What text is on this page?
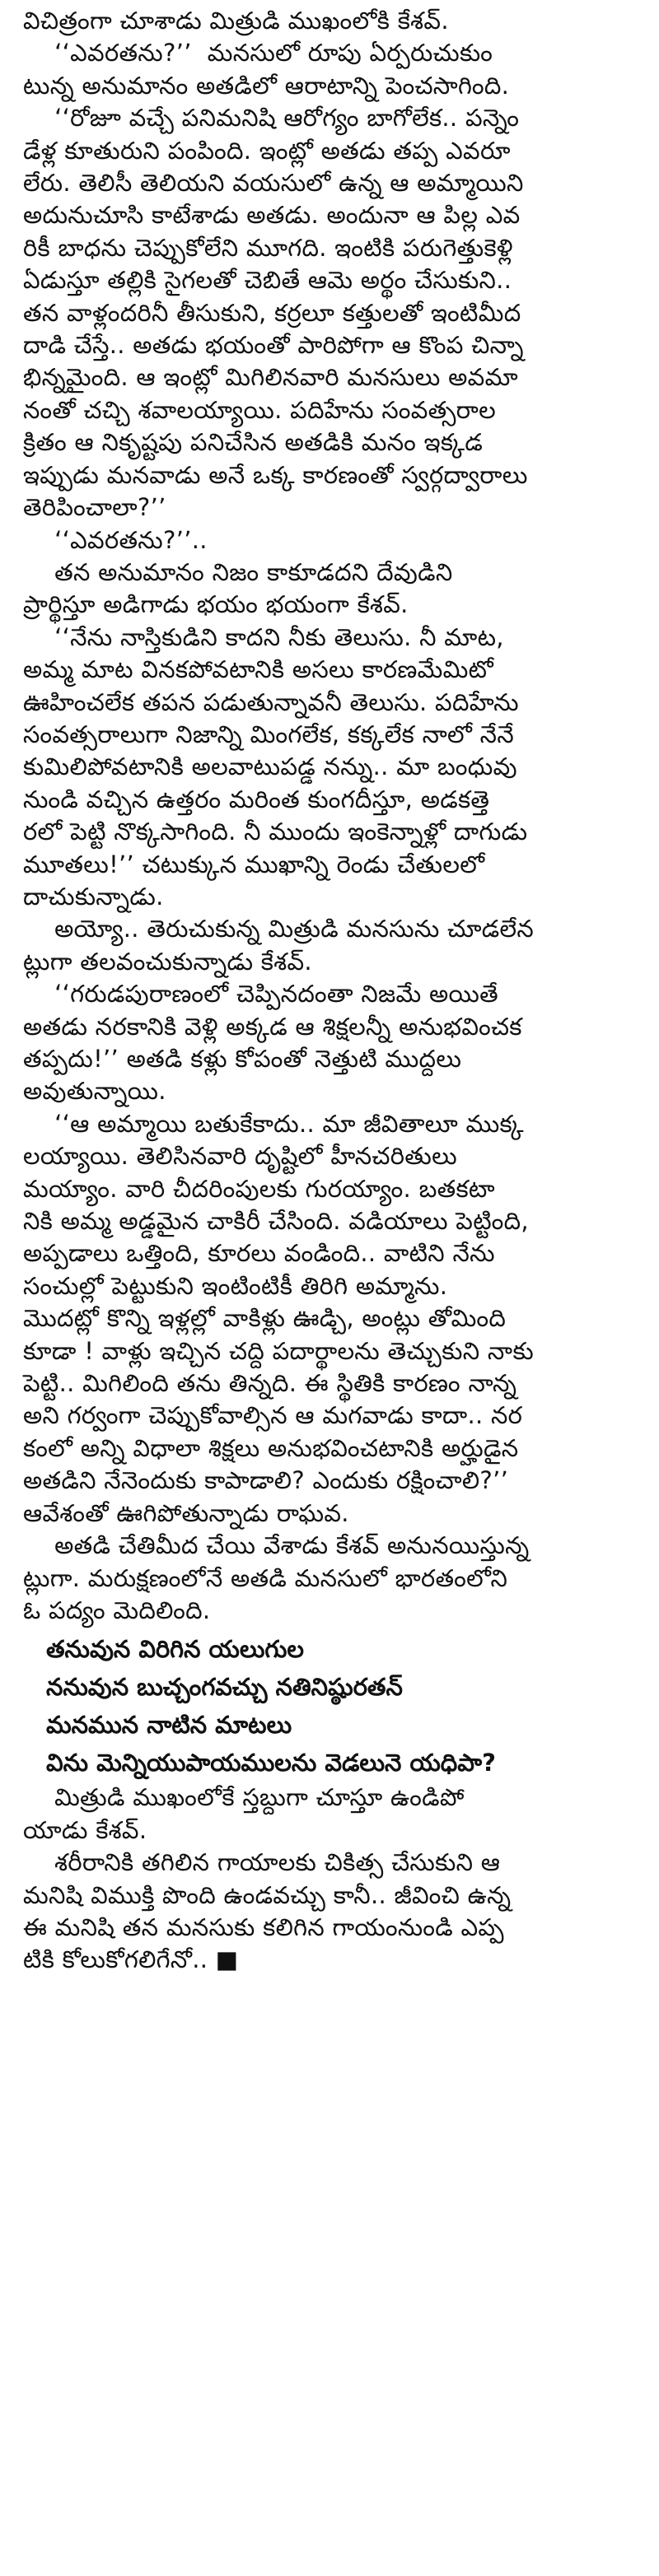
విచిత్రంగా చూశాడు మిత్రుడి ముఖంలోకి కేశవ్.

‘‘ఎవరతను?’’  మనసులో రూపు ఏర్పరుచుకుం
టున్న అనుమానం అతడిలో ఆరాటాన్ని పెంచసాగింది.

‘‘రోజూ వచ్చే పనిమనిషి ఆరోగ్యం బాగోలేక.. పన్నెం
డేళ్ల కూతురుని పంపింది. ఇంట్లో అతడు తప్ప ఎవరూ
లేరు. తెలిసీ తెలియని వయసులో ఉన్న ఆ అమ్మాయిని
అదునుచూసి కాటేశాడు అతడు. అందునా ఆ పిల్ల ఎవ
రికీ బాధను చెప్పుకోలేని మూగది. ఇంటికి పరుగెత్తుకెళ్లి
ఏడుస్తూ తల్లికి సైగలతో చెబితే ఆమె అర్థం చేసుకుని..
తన వాళ్లందరినీ తీసుకుని, కర్రలూ కత్తులతో ఇంటిమీద
దాడి చేస్తే.. అతడు భయంతో పారిపోగా ఆ కొంప చిన్నా
భిన్నమైంది. ఆ ఇంట్లో మిగిలినవారి మనసులు అవమా
నంతో చచ్చి శవాలయ్యాయి. పదిహేను సంవత్సరాల
క్రితం ఆ నికృష్టపు పనిచేసిన అతడికి మనం ఇక్కడ
ఇప్పుడు మనవాడు అనే ఒక్క కారణంతో స్వర్గద్వారాలు
తెరిపించాలా?’’

‘‘ఎవరతను?’’..

తన అనుమానం నిజం కాకూడదని దేవుడిని
ప్రార్థిస్తూ అడిగాడు భయం భయంగా కేశవ్.

‘‘నేను నాస్తికుడిని కాదని నీకు తెలుసు. నీ మాట,
అమ్మ మాట వినకపోవటానికి అసలు కారణమేమిటో
ఊహించలేక తపన పడుతున్నావనీ తెలుసు. పదిహేను
సంవత్సరాలుగా నిజాన్ని మింగలేక, కక్కలేక నాలో నేనే
కుమిలిపోవటానికి అలవాటుపడ్డ నన్ను.. మా బంధువు
నుండి వచ్చిన ఉత్తరం మరింత కుంగదీస్తూ, అడకత్తె
రలో పెట్టి నొక్కసాగింది. నీ ముందు ఇంకెన్నాళ్లో దాగుడు
మూతలు!’’ చటుక్కున ముఖాన్ని రెండు చేతులలో
దాచుకున్నాడు.

అయ్యో.. తెరుచుకున్న మిత్రుడి మనసును చూడలేన
ట్లుగా తలవంచుకున్నాడు కేశవ్.

‘‘గరుడపురాణంలో చెప్పినదంతా నిజమే అయితే
అతడు నరకానికి వెళ్లి అక్కడ ఆ శిక్షలన్నీ అనుభవించక
తప్పదు!’’ అతడి కళ్లు కోపంతో నెత్తుటి ముద్దలు
అవుతున్నాయి.

‘‘ఆ అమ్మాయి బతుకేకాదు.. మా జీవితాలూ ముక్క
లయ్యాయి. తెలిసినవారి దృష్టిలో హీనచరితులు
మయ్యాం. వారి చీదరింపులకు గురయ్యాం. బతకటా
నికి అమ్మ అడ్డమైన చాకిరీ చేసింది. వడియాలు పెట్టింది,
అప్పడాలు ఒత్తింది, కూరలు వండింది.. వాటిని నేను
సంచుల్లో పెట్టుకుని ఇంటింటికీ తిరిగి అమ్మాను.
మొదట్లో కొన్ని ఇళ్లల్లో వాకిళ్లు ఊడ్చి, అంట్లు తోమింది
కూడా ! వాళ్లు ఇచ్చిన చద్ది పదార్థాలను తెచ్చుకుని నాకు
పెట్టి.. మిగిలింది తను తిన్నది. ఈ స్థితికి కారణం నాన్న
అని గర్వంగా చెప్పుకోవాల్సిన ఆ మగవాడు కాదా.. నర
కంలో అన్ని విధాలా శిక్షలు అనుభవించటానికి అర్హుడైన
అతడిని నేనెందుకు కాపాడాలి? ఎందుకు రక్షించాలి?’’
ఆవేశంతో ఊగిపోతున్నాడు రాఘవ.

అతడి చేతిమీద చేయి వేశాడు కేశవ్ అనునయిస్తున్న
ట్లుగా. మరుక్షణంలోనే అతడి మనసులో భారతంలోని
ఓ పద్యం మెదిలింది.

తనువున విరిగిన యలుగుల
ననువున బుచ్చంగవచ్చు నతినిష్ఠురతన్
మనమున నాటిన మాటలు
విను మెన్నియుపాయములను వెడలునె యధిపా?

మిత్రుడి ముఖంలోకే స్తబ్దుగా చూస్తూ ఉండిపో
యాడు కేశవ్.

శరీరానికి తగిలిన గాయాలకు చికిత్స చేసుకుని ఆ
మనిషి విముక్తి పొంది ఉండవచ్చు కానీ.. జీవించి ఉన్న
ఈ మనిషి తన మనసుకు కలిగిన గాయంనుండి ఎప్ప
టికి కోలుకోగలిగేనో.. ■
